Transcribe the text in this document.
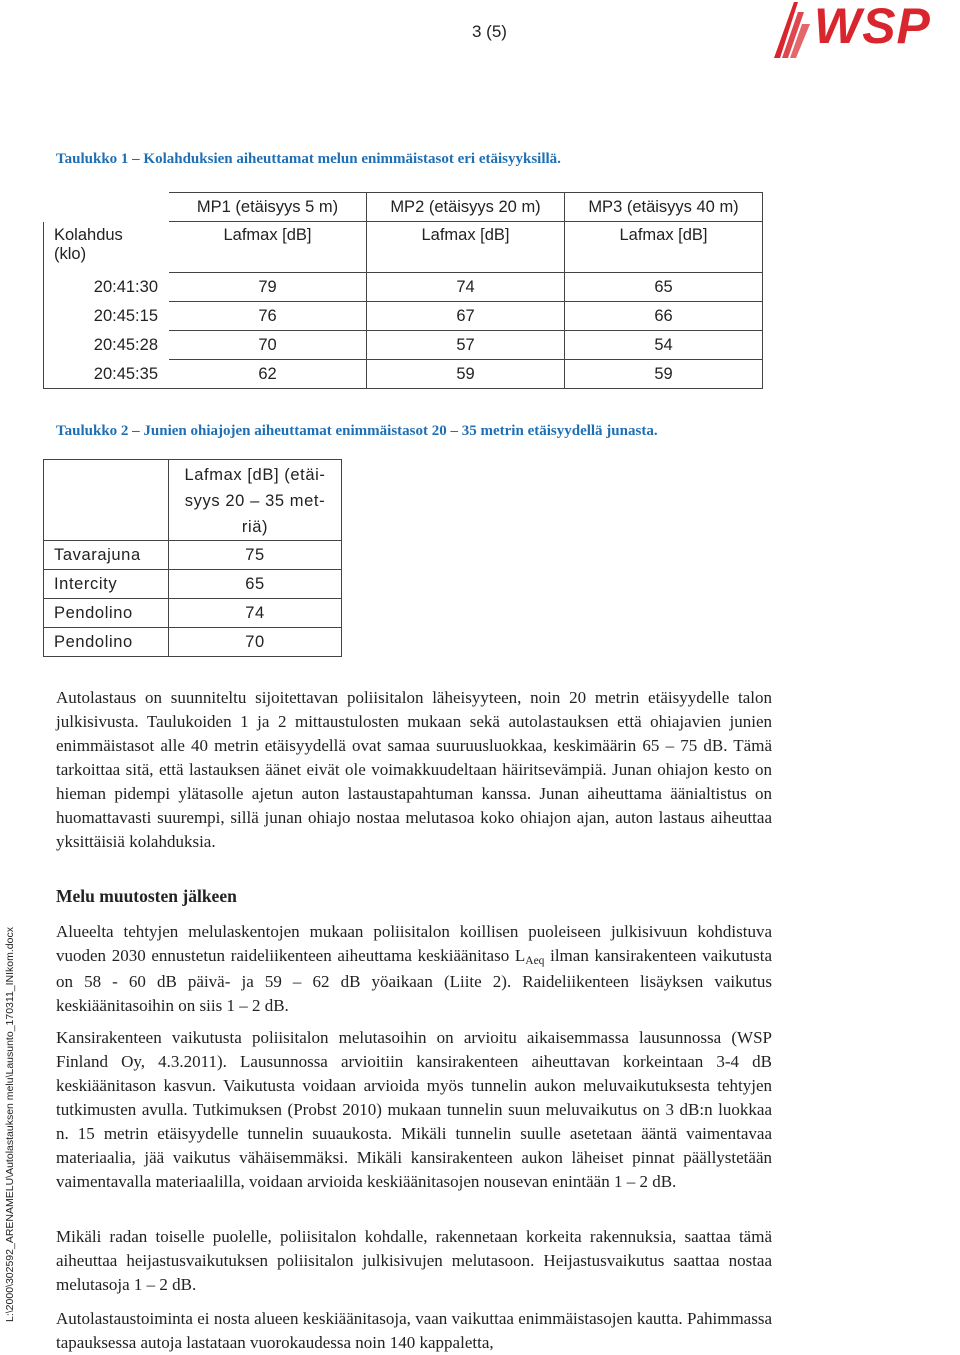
3 (5)	WSP
L:\2000\302592_ARENAMELU\Autolastauksen melu\Lausunto_170311_INIkom.docx
Taulukko 1 – Kolahduksien aiheuttamat melun enimmäistasot eri etäisyyksillä.
	MP1 (etäisyys 5 m)	MP2 (etäisyys 20 m)	MP3 (etäisyys 40 m)
Kolahdus (klo)	Lafmax [dB]	Lafmax [dB]	Lafmax [dB]
20:41:30	79	74	65
20:45:15	76	67	66
20:45:28	70	57	54
20:45:35	62	59	59
Taulukko 2 – Junien ohiajojen aiheuttamat enimmäistasot 20 – 35 metrin etäisyydellä junasta.

	Lafmax [dB] (etäi-
syys 20 – 35 met-
riä)

Tavarajuna	75
Intercity	65
Pendolino	74
Pendolino	70
Autolastaus on suunniteltu sijoitettavan poliisitalon läheisyyteen, noin 20 metrin etäisyydelle talon julkisivusta. Taulukoiden 1 ja 2 mittaustulosten mukaan sekä autolastauksen että ohiajavien junien enimmäistasot alle 40 metrin etäisyydellä ovat samaa suuruusluokkaa, keskimäärin 65 – 75 dB. Tämä tarkoittaa sitä, että lastauksen äänet eivät ole voimakkuudeltaan häiritsevämpiä. Junan ohiajon kesto on hieman pidempi ylätasolle ajetun auton lastaustapahtuman kanssa. Junan aiheuttama äänialtistus on huomattavasti suurempi, sillä junan ohiajo nostaa melutasoa koko ohiajon ajan, auton lastaus aiheuttaa yksittäisiä kolahduksia.
Melu muutosten jälkeen
Alueelta tehtyjen melulaskentojen mukaan poliisitalon koillisen puoleiseen julkisivuun kohdistuva vuoden 2030 ennustetun raideliikenteen aiheuttama keskiäänitaso LAeq ilman kansirakenteen vaikutusta on 58 - 60 dB päivä- ja 59 – 62 dB yöaikaan (Liite 2). Raideliikenteen lisäyksen vaikutus keskiäänitasoihin on siis 1 – 2 dB.
Kansirakenteen vaikutusta poliisitalon melutasoihin on arvioitu aikaisemmassa lausunnossa (WSP Finland Oy, 4.3.2011). Lausunnossa arvioitiin kansirakenteen aiheuttavan korkeintaan 3-4 dB keskiäänitason kasvun. Vaikutusta voidaan arvioida myös tunnelin aukon meluvaikutuksesta tehtyjen tutkimusten avulla. Tutkimuksen (Probst 2010) mukaan tunnelin suun meluvaikutus on 3 dB:n luokkaa n. 15 metrin etäisyydelle tunnelin suuaukosta. Mikäli tunnelin suulle asetetaan ääntä vaimentavaa materiaalia, jää vaikutus vähäisemmäksi. Mikäli kansirakenteen aukon läheiset pinnat päällystetään vaimentavalla materiaalilla, voidaan arvioida keskiäänitasojen nousevan enintään 1 – 2 dB.
Mikäli radan toiselle puolelle, poliisitalon kohdalle, rakennetaan korkeita rakennuksia, saattaa tämä aiheuttaa heijastusvaikutuksen poliisitalon julkisivujen melutasoon. Heijastusvaikutus saattaa nostaa melutasoja 1 – 2 dB.
Autolastaustoiminta ei nosta alueen keskiäänitasoja, vaan vaikuttaa enimmäistasojen kautta. Pahimmassa tapauksessa autoja lastataan vuorokaudessa noin 140 kappaletta,
